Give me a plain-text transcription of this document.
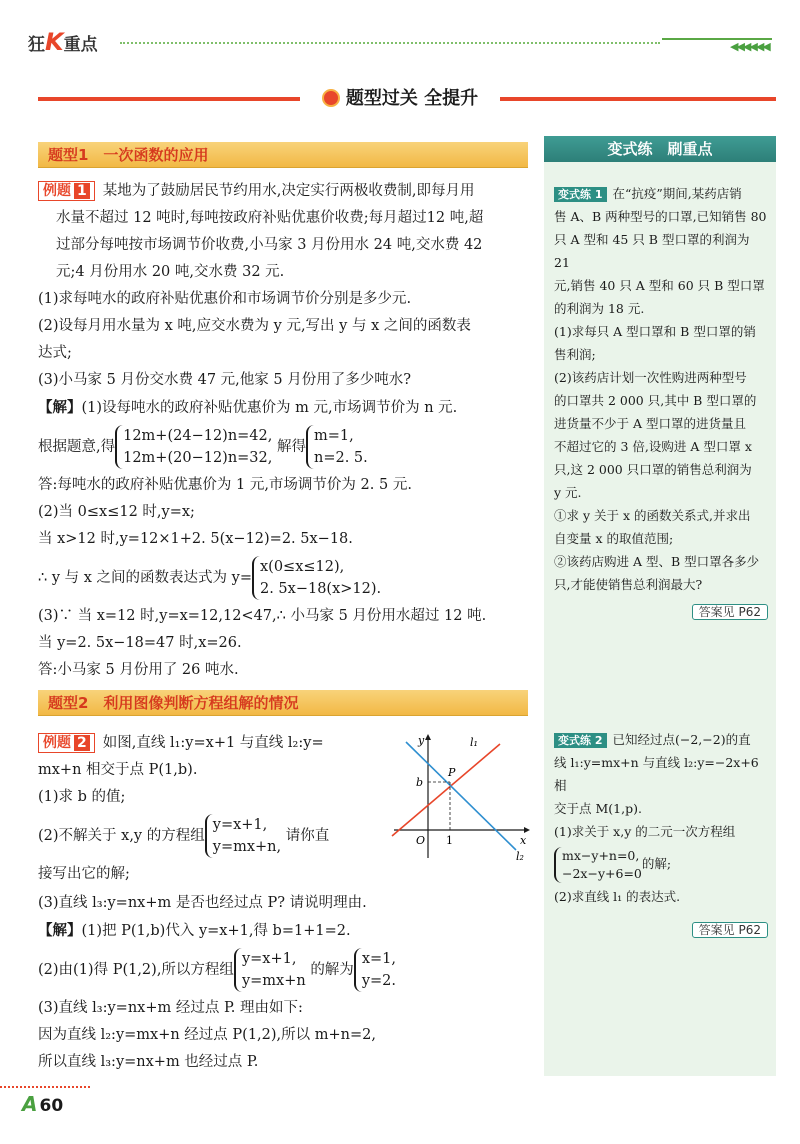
狂K重点	◀◀◀◀◀◀
题型过关 全提升
题型1　一次函数的应用

例题 1 某地为了鼓励居民节约用水,决定实行两极收费制,即每月用

水量不超过 12 吨时,每吨按政府补贴优惠价收费;每月超过12 吨,超

过部分每吨按市场调节价收费,小马家 3 月份用水 24 吨,交水费 42

元;4 月份用水 20 吨,交水费 32 元.

(1)求每吨水的政府补贴优惠价和市场调节价分别是多少元.

(2)设每月用水量为 x 吨,应交水费为 y 元,写出 y 与 x 之间的函数表

达式;

(3)小马家 5 月份交水费 47 元,他家 5 月份用了多少吨水?

【解】(1)设每吨水的政府补贴优惠价为 m 元,市场调节价为 n 元.

根据题意,得12m+(24−12)n=42,
12m+(20−12)n=32, 解得m=1,
n=2. 5.

答:每吨水的政府补贴优惠价为 1 元,市场调节价为 2. 5 元.

(2)当 0≤x≤12 时,y=x;

当 x>12 时,y=12×1+2. 5(x−12)=2. 5x−18.

∴ y 与 x 之间的函数表达式为 y=x(0≤x≤12),
2. 5x−18(x>12).

(3)∵ 当 x=12 时,y=x=12,12<47,∴ 小马家 5 月份用水超过 12 吨.

当 y=2. 5x−18=47 时,x=26.

答:小马家 5 月份用了 26 吨水.

题型2　利用图像判断方程组解的情况

例题 2 如图,直线 l₁:y=x+1 与直线 l₂:y=

mx+n 相交于点 P(1,b).

(1)求 b 的值;

(2)不解关于 x,y 的方程组y=x+1,
y=mx+n, 请你直

接写出它的解;

(3)直线 l₃:y=nx+m 是否也经过点 P? 请说明理由.

【解】(1)把 P(1,b)代入 y=x+1,得 b=1+1=2.

(2)由(1)得 P(1,2),所以方程组y=x+1,
y=mx+n 的解为x=1,
y=2.

(3)直线 l₃:y=nx+m 经过点 P. 理由如下:

因为直线 l₂:y=mx+n 经过点 P(1,2),所以 m+n=2,

所以直线 l₃:y=nx+m 也经过点 P.

y
x
l₁
l₂
P
b
O 1
变式练　刷重点

变式练 1 在“抗疫”期间,某药店销

售 A、B 两种型号的口罩,已知销售 80

只 A 型和 45 只 B 型口罩的利润为 21

元,销售 40 只 A 型和 60 只 B 型口罩

的利润为 18 元.

(1)求每只 A 型口罩和 B 型口罩的销

售利润;

(2)该药店计划一次性购进两种型号

的口罩共 2 000 只,其中 B 型口罩的

进货量不少于 A 型口罩的进货量且

不超过它的 3 倍,设购进 A 型口罩 x

只,这 2 000 只口罩的销售总利润为

y 元.

①求 y 关于 x 的函数关系式,并求出

自变量 x 的取值范围;

②该药店购进 A 型、B 型口罩各多少

只,才能使销售总利润最大?

答案见 P62

变式练 2 已知经过点(−2,−2)的直

线 l₁:y=mx+n 与直线 l₂:y=−2x+6 相

交于点 M(1,p).

(1)求关于 x,y 的二元一次方程组

mx−y+n=0,
−2x−y+6=0的解;

(2)求直线 l₁ 的表达式.

答案见 P62

A 60
